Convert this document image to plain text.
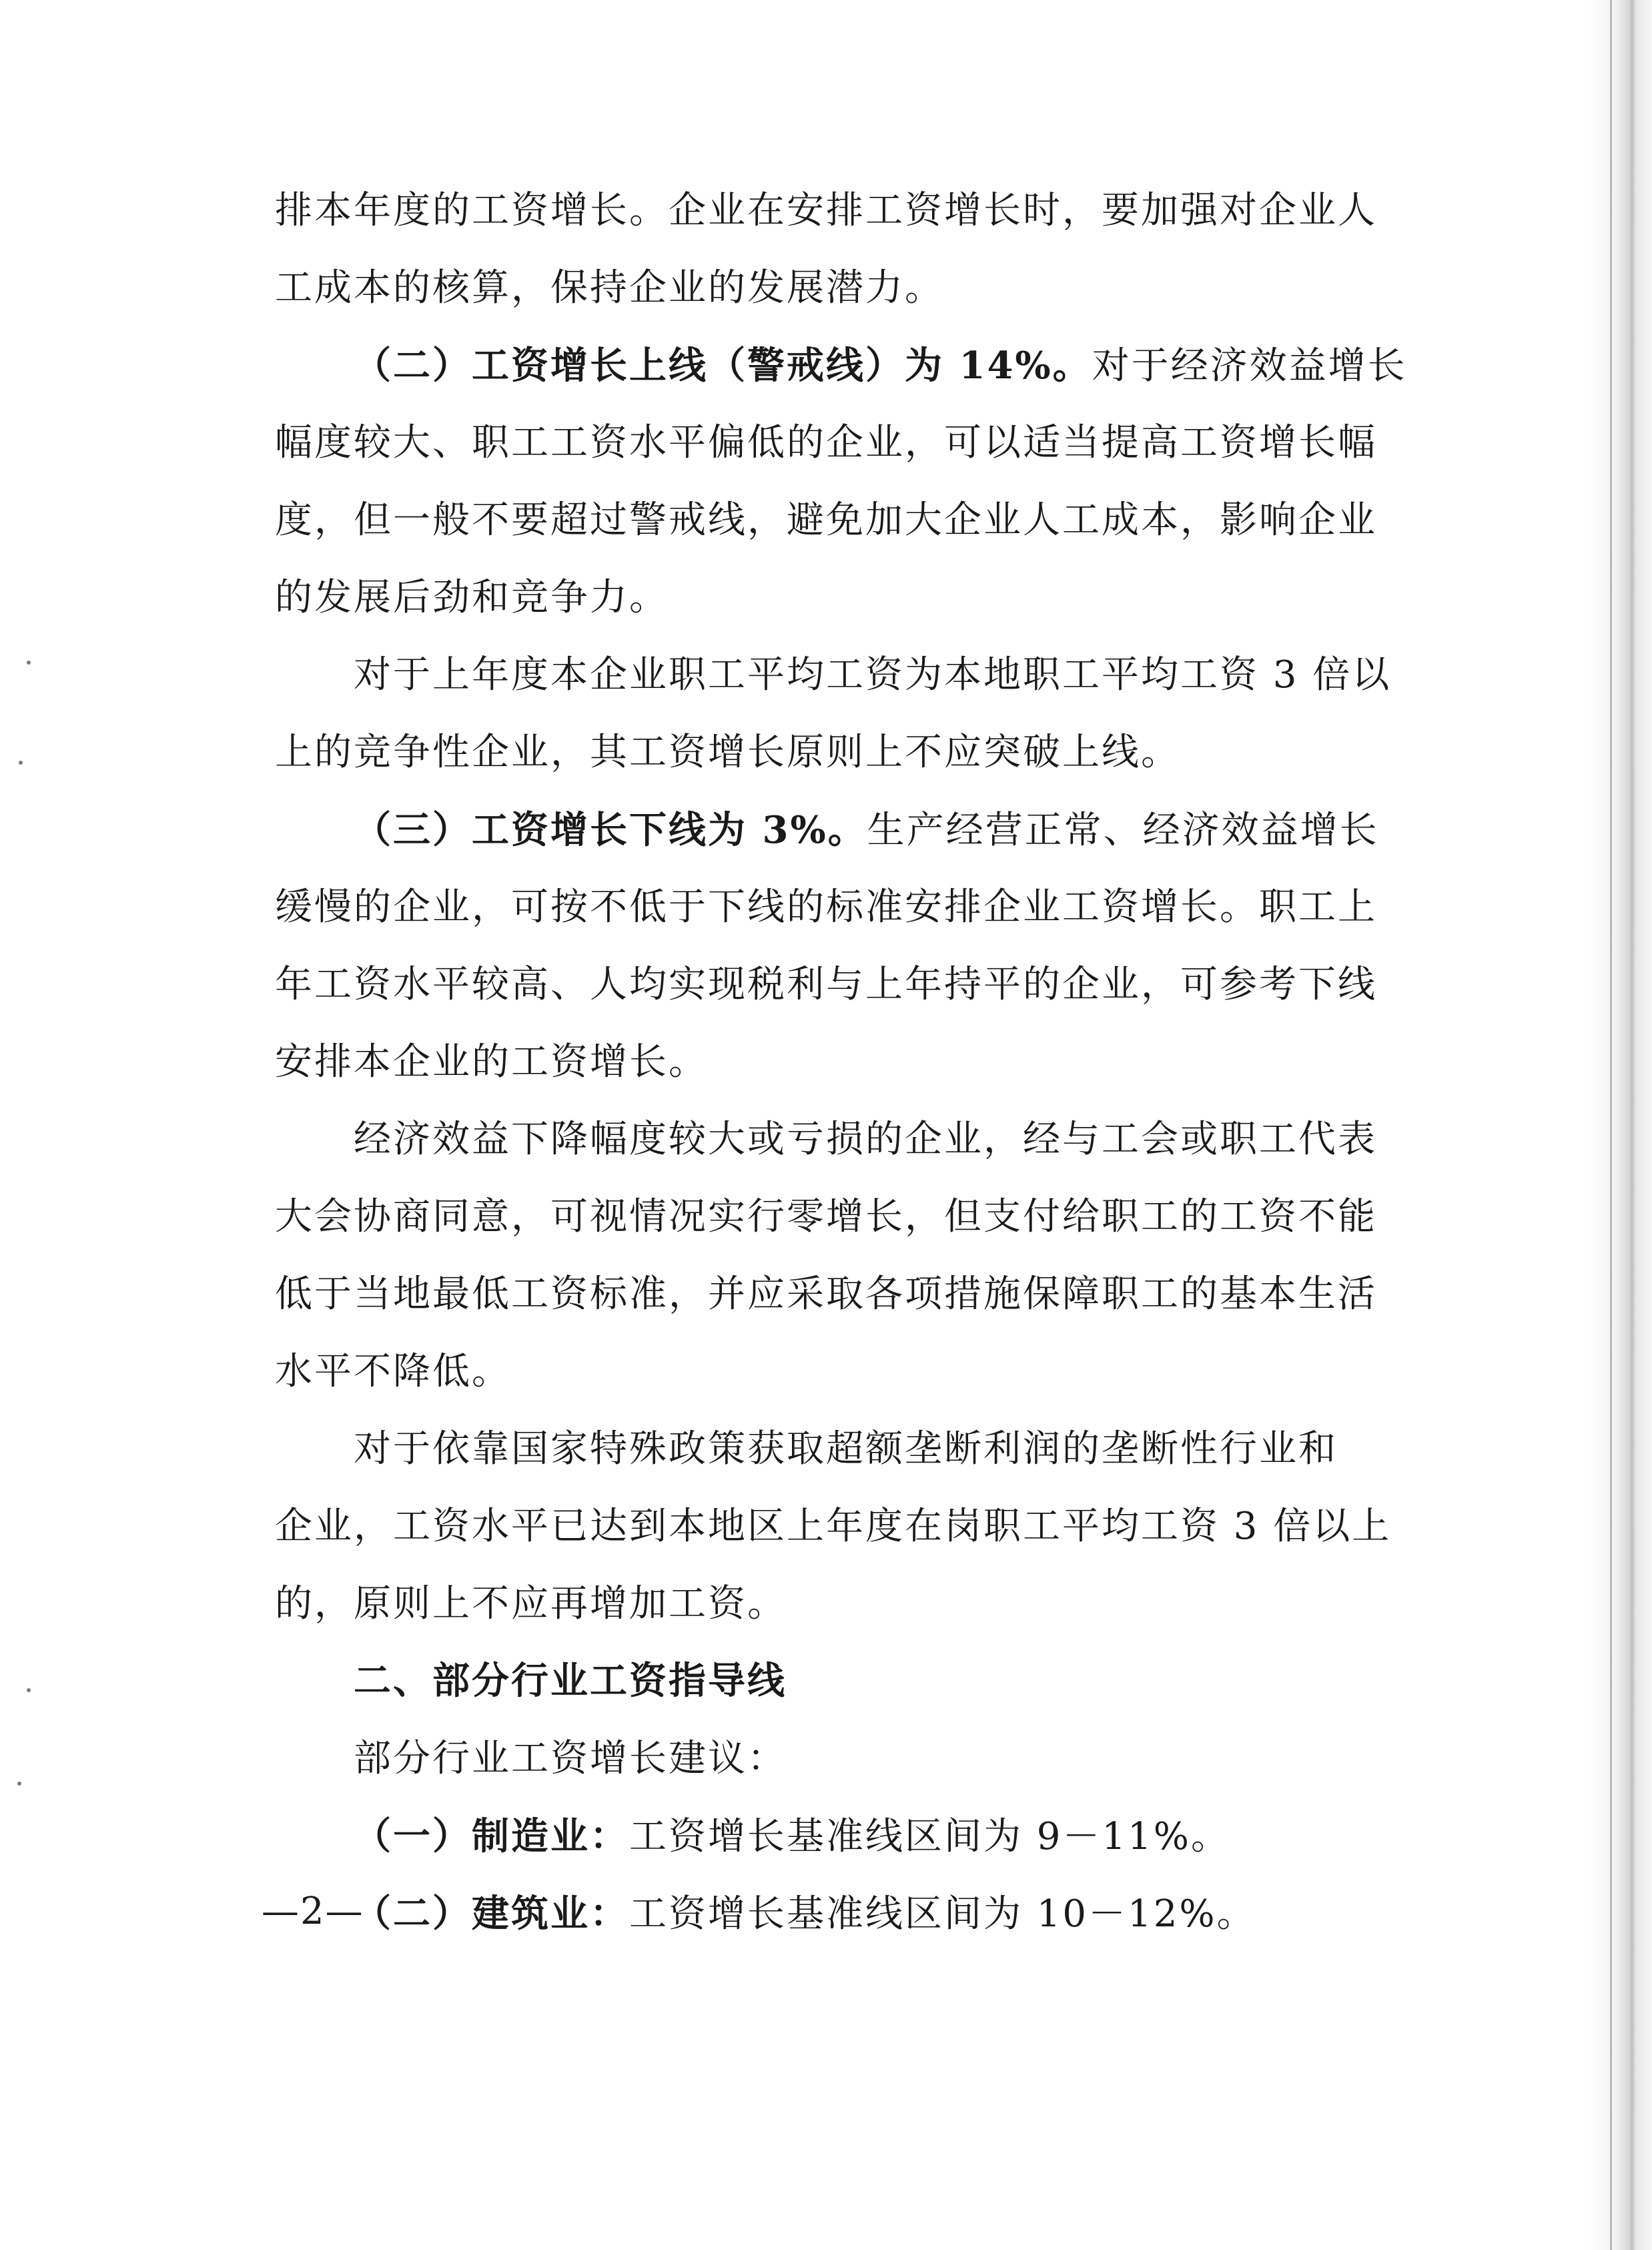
排本年度的工资增长。企业在安排工资增长时，要加强对企业人
工成本的核算，保持企业的发展潜力。
（二）工资增长上线（警戒线）为 14%。对于经济效益增长
幅度较大、职工工资水平偏低的企业，可以适当提高工资增长幅
度，但一般不要超过警戒线，避免加大企业人工成本，影响企业
的发展后劲和竞争力。
对于上年度本企业职工平均工资为本地职工平均工资 3 倍以
上的竞争性企业，其工资增长原则上不应突破上线。
（三）工资增长下线为 3%。生产经营正常、经济效益增长
缓慢的企业，可按不低于下线的标准安排企业工资增长。职工上
年工资水平较高、人均实现税利与上年持平的企业，可参考下线
安排本企业的工资增长。
经济效益下降幅度较大或亏损的企业，经与工会或职工代表
大会协商同意，可视情况实行零增长，但支付给职工的工资不能
低于当地最低工资标准，并应采取各项措施保障职工的基本生活
水平不降低。
对于依靠国家特殊政策获取超额垄断利润的垄断性行业和
企业，工资水平已达到本地区上年度在岗职工平均工资 3 倍以上
的，原则上不应再增加工资。
二、部分行业工资指导线
部分行业工资增长建议：
（一）制造业：工资增长基准线区间为 9－11%。
（二）建筑业：工资增长基准线区间为 10－12%。
—2—
